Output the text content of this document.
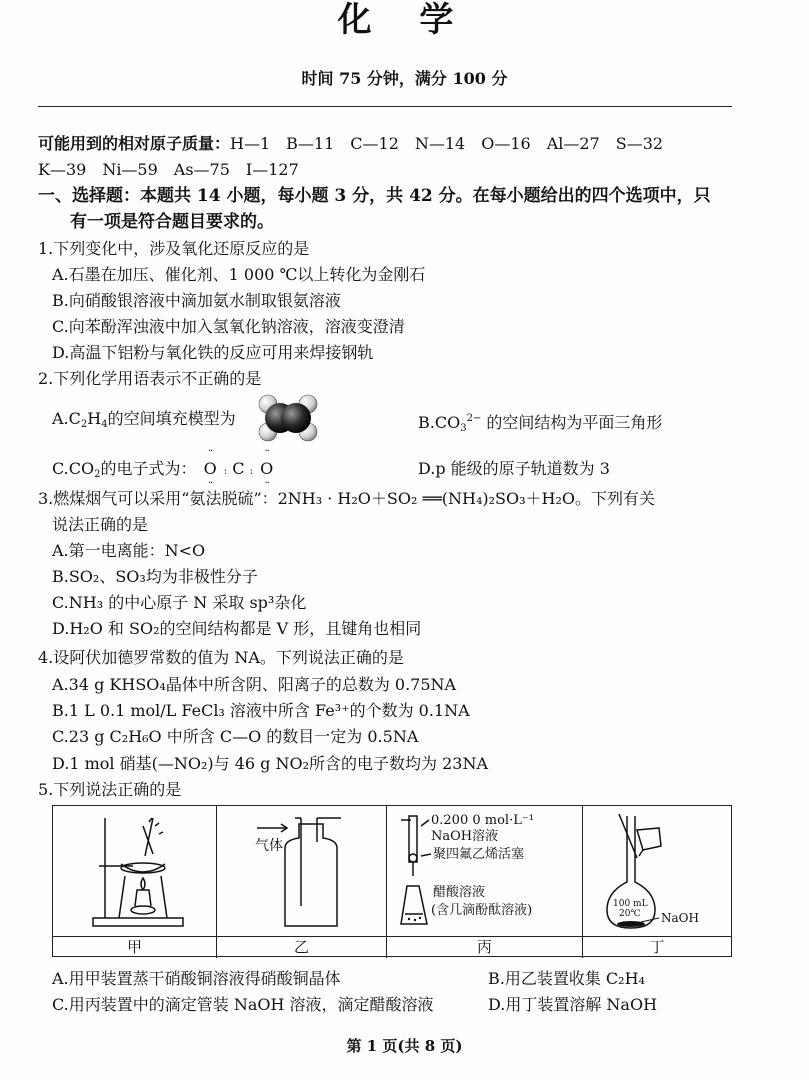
化 学
时间 75 分钟，满分 100 分
可能用到的相对原子质量：H—1　B—11　C—12　N—14　O—16　Al—27　S—32
K—39　Ni—59　As—75　I—127
一、选择题：本题共 14 小题，每小题 3 分，共 42 分。在每小题给出的四个选项中，只
有一项是符合题目要求的。
1.下列变化中，涉及氧化还原反应的是
A.石墨在加压、催化剂、1 000 ℃以上转化为金刚石
B.向硝酸银溶液中滴加氨水制取银氨溶液
C.向苯酚浑浊液中加入氢氧化钠溶液，溶液变澄清
D.高温下铝粉与氧化铁的反应可用来焊接钢轨
2.下列化学用语表示不正确的是
$A.C_2H_4$的空间填充模型为	$B.CO_3^{2-}$ 的空间结构为平面三角形
$C.CO_2$的电子式为： ·· O ·· : C : ·· O ··	D.p 能级的原子轨道数为 3
3.燃煤烟气可以采用“氨法脱硫”：2NH₃ · H₂O＋SO₂ ══(NH₄)₂SO₃＋H₂O。下列有关
说法正确的是
A.第一电离能：N<O
B.SO₂、SO₃均为非极性分子
C.NH₃ 的中心原子 N 采取 sp³杂化
D.H₂O 和 SO₂的空间结构都是 V 形，且键角也相同
4.设阿伏加德罗常数的值为 NA。下列说法正确的是
A.34 g KHSO₄晶体中所含阴、阳离子的总数为 0.75NA
B.1 L 0.1 mol/L FeCl₃ 溶液中所含 Fe³⁺的个数为 0.1NA
C.23 g C₂H₆O 中所含 C—O 的数目一定为 0.5NA
D.1 mol 硝基(—NO₂)与 46 g NO₂所含的电子数均为 23NA
5.下列说法正确的是
甲
气体
乙
0.200 0 mol·L⁻¹
NaOH溶液
聚四氟乙烯活塞
醋酸溶液
(含几滴酚酞溶液)
丙
100 mL
20℃ NaOH
丁
A.用甲装置蒸干硝酸铜溶液得硝酸铜晶体	B.用乙装置收集 C₂H₄
C.用丙装置中的滴定管装 NaOH 溶液，滴定醋酸溶液	D.用丁装置溶解 NaOH
第 1 页(共 8 页)
